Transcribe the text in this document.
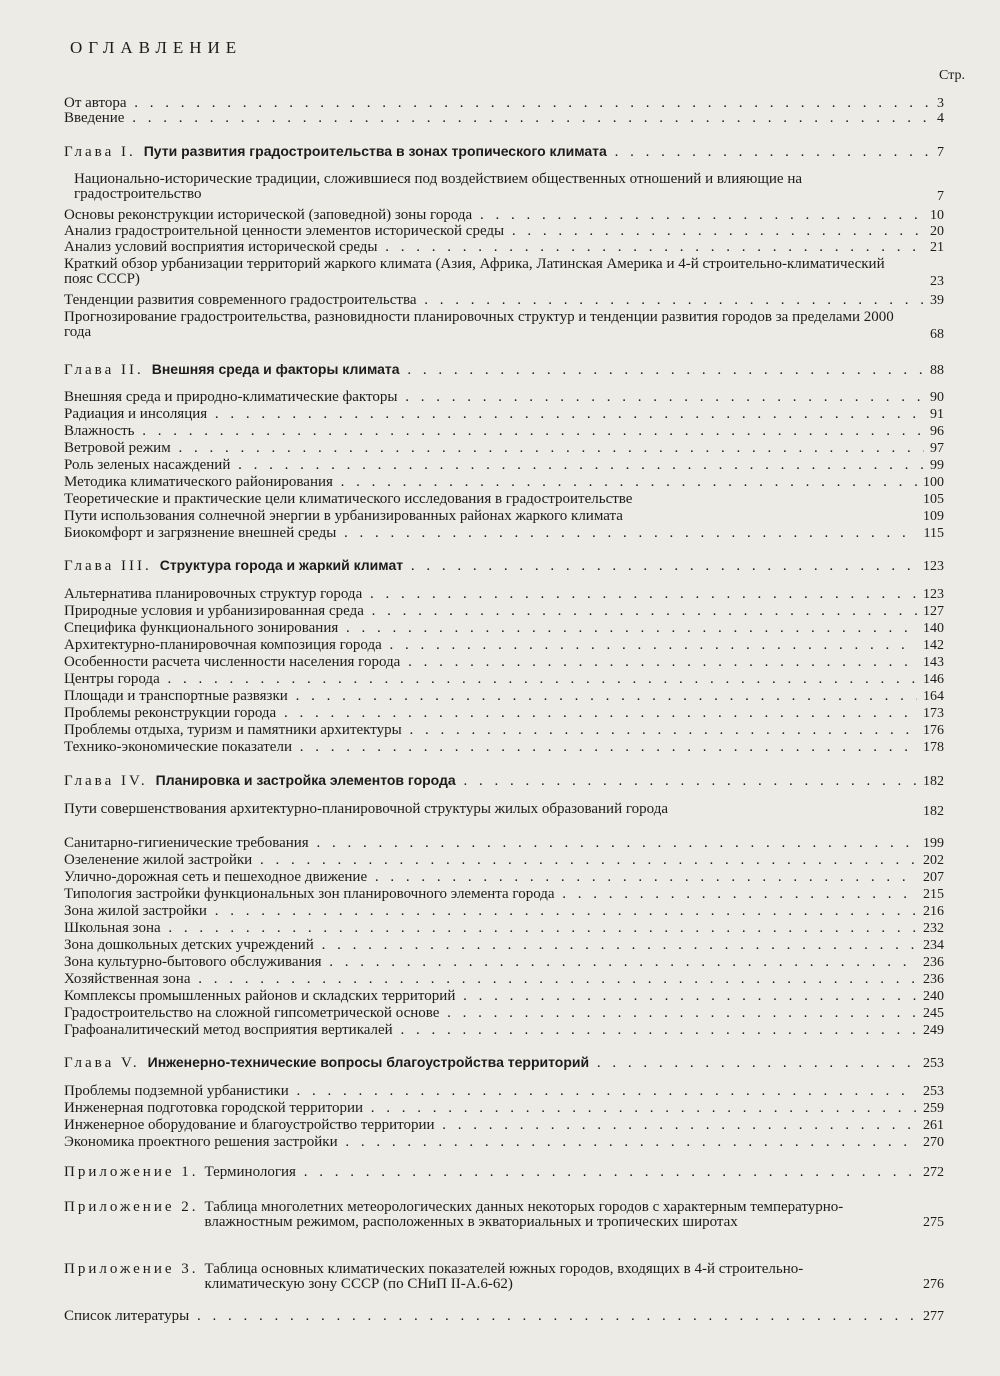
ОГЛАВЛЕНИЕ
Стр.
От автора . . .	3
Введение . . .	4
Глава I. Пути развития градостроительства в зонах тропического климата . . .	7
Национально-исторические традиции, сложившиеся под воздействием общественных отношений и влияющие на градостроительство	7
Основы реконструкции исторической (заповедной) зоны города . . .	10
Анализ градостроительной ценности элементов исторической среды . . .	20
Анализ условий восприятия исторической среды . . .	21
Краткий обзор урбанизации территорий жаркого климата (Азия, Африка, Латинская Америка и 4-й строительно-климатический пояс СССР)	23
Тенденции развития современного градостроительства . . .	39
Прогнозирование градостроительства, разновидности планировочных структур и тенденции развития городов за пределами 2000 года	68
Глава II. Внешняя среда и факторы климата . . .	88
Внешняя среда и природно-климатические факторы . . .	90
Радиация и инсоляция . . .	91
Влажность . . .	96
Ветровой режим . . .	97
Роль зеленых насаждений . . .	99
Методика климатического районирования . . .	100
Теоретические и практические цели климатического исследования в градостроительстве	105
Пути использования солнечной энергии в урбанизированных районах жаркого климата	109
Биокомфорт и загрязнение внешней среды . . .	115
Глава III. Структура города и жаркий климат . . .	123
Альтернатива планировочных структур города . . .	123
Природные условия и урбанизированная среда . . .	127
Специфика функционального зонирования . . .	140
Архитектурно-планировочная композиция города . . .	142
Особенности расчета численности населения города . . .	143
Центры города . . .	146
Площади и транспортные развязки . . .	164
Проблемы реконструкции города . . .	173
Проблемы отдыха, туризм и памятники архитектуры . . .	176
Технико-экономические показатели . . .	178
Глава IV. Планировка и застройка элементов города . . .	182
Пути совершенствования архитектурно-планировочной структуры жилых образований города	182
Санитарно-гигиенические требования . . .	199
Озеленение жилой застройки . . .	202
Улично-дорожная сеть и пешеходное движение . . .	207
Типология застройки функциональных зон планировочного элемента города . . .	215
Зона жилой застройки . . .	216
Школьная зона . . .	232
Зона дошкольных детских учреждений . . .	234
Зона культурно-бытового обслуживания . . .	236
Хозяйственная зона . . .	236
Комплексы промышленных районов и складских территорий . . .	240
Градостроительство на сложной гипсометрической основе . . .	245
Графоаналитический метод восприятия вертикалей . . .	249
Глава V. Инженерно-технические вопросы благоустройства территорий . . .	253
Проблемы подземной урбанистики . . .	253
Инженерная подготовка городской территории . . .	259
Инженерное оборудование и благоустройство территории . . .	261
Экономика проектного решения застройки . . .	270
Приложение 1. Терминология . . .	272
Приложение 2. Таблица многолетних метеорологических данных некоторых городов с характерным температурно-влажностным режимом, расположенных в экваториальных и тропических широтах	275
Приложение 3. Таблица основных климатических показателей южных городов, входящих в 4-й строительно-климатическую зону СССР (по СНиП II-А.6-62)	276
Список литературы . . .	277
